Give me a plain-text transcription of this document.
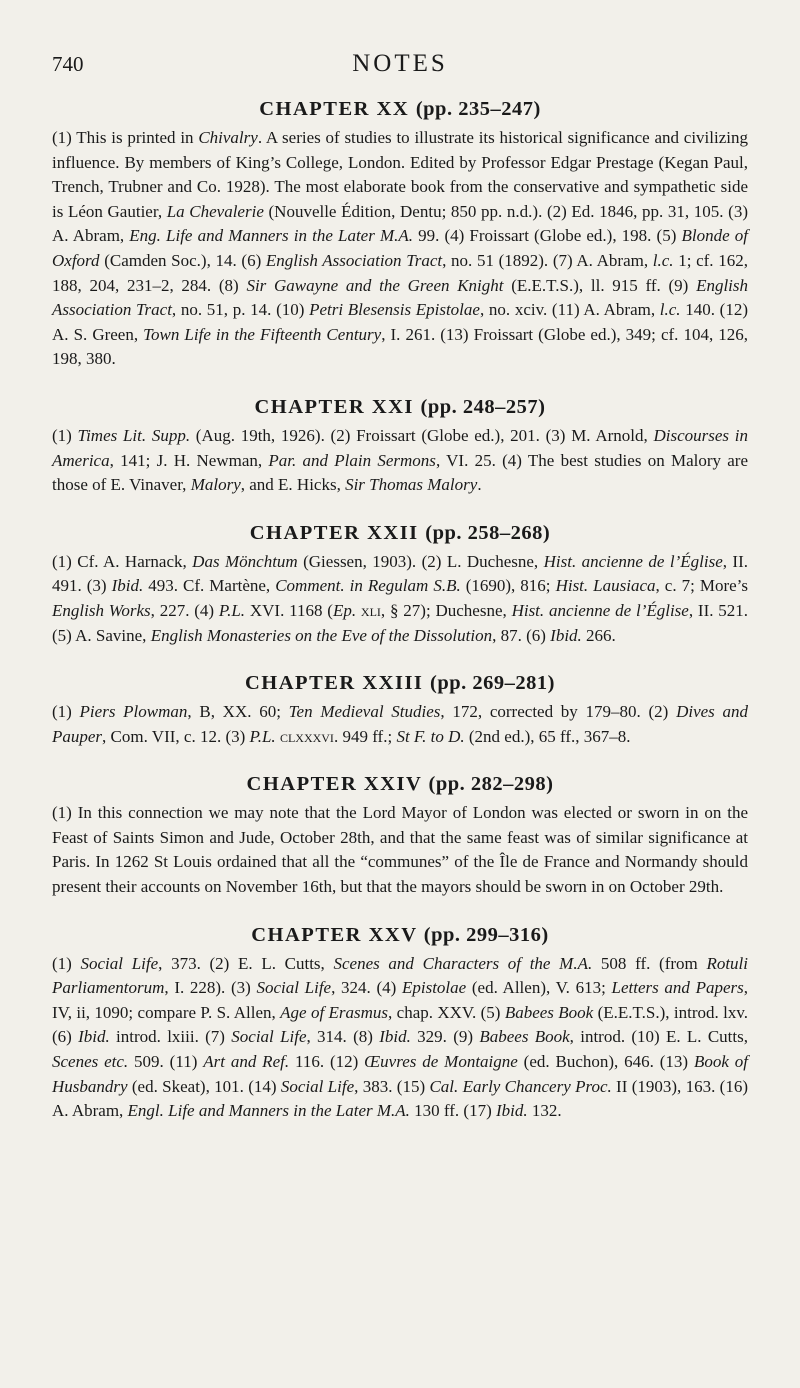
740	NOTES
CHAPTER XX (pp. 235–247)

(1) This is printed in Chivalry. A series of studies to illustrate its historical significance and civilizing influence. By members of King’s College, London. Edited by Professor Edgar Prestage (Kegan Paul, Trench, Trubner and Co. 1928). The most elaborate book from the conservative and sympathetic side is Léon Gautier, La Chevalerie (Nouvelle Édition, Dentu; 850 pp. n.d.). (2) Ed. 1846, pp. 31, 105. (3) A. Abram, Eng. Life and Manners in the Later M.A. 99. (4) Froissart (Globe ed.), 198. (5) Blonde of Oxford (Camden Soc.), 14. (6) English Association Tract, no. 51 (1892). (7) A. Abram, l.c. 1; cf. 162, 188, 204, 231–2, 284. (8) Sir Gawayne and the Green Knight (E.E.T.S.), ll. 915 ff. (9) English Association Tract, no. 51, p. 14. (10) Petri Blesensis Epistolae, no. xciv. (11) A. Abram, l.c. 140. (12) A. S. Green, Town Life in the Fifteenth Century, I. 261. (13) Froissart (Globe ed.), 349; cf. 104, 126, 198, 380.

CHAPTER XXI (pp. 248–257)

(1) Times Lit. Supp. (Aug. 19th, 1926). (2) Froissart (Globe ed.), 201. (3) M. Arnold, Discourses in America, 141; J. H. Newman, Par. and Plain Sermons, VI. 25. (4) The best studies on Malory are those of E. Vinaver, Malory, and E. Hicks, Sir Thomas Malory.

CHAPTER XXII (pp. 258–268)

(1) Cf. A. Harnack, Das Mönchtum (Giessen, 1903). (2) L. Duchesne, Hist. ancienne de l’Église, II. 491. (3) Ibid. 493. Cf. Martène, Comment. in Regulam S.B. (1690), 816; Hist. Lausiaca, c. 7; More’s English Works, 227. (4) P.L. XVI. 1168 (Ep. xli, § 27); Duchesne, Hist. ancienne de l’Église, II. 521. (5) A. Savine, English Monasteries on the Eve of the Dissolution, 87. (6) Ibid. 266.

CHAPTER XXIII (pp. 269–281)

(1) Piers Plowman, B, XX. 60; Ten Medieval Studies, 172, corrected by 179–80. (2) Dives and Pauper, Com. VII, c. 12. (3) P.L. clxxxvi. 949 ff.; St F. to D. (2nd ed.), 65 ff., 367–8.

CHAPTER XXIV (pp. 282–298)

(1) In this connection we may note that the Lord Mayor of London was elected or sworn in on the Feast of Saints Simon and Jude, October 28th, and that the same feast was of similar significance at Paris. In 1262 St Louis ordained that all the “communes” of the Île de France and Normandy should present their accounts on November 16th, but that the mayors should be sworn in on October 29th.

CHAPTER XXV (pp. 299–316)

(1) Social Life, 373. (2) E. L. Cutts, Scenes and Characters of the M.A. 508 ff. (from Rotuli Parliamentorum, I. 228). (3) Social Life, 324. (4) Epistolae (ed. Allen), V. 613; Letters and Papers, IV, ii, 1090; compare P. S. Allen, Age of Erasmus, chap. XXV. (5) Babees Book (E.E.T.S.), introd. lxv. (6) Ibid. introd. lxiii. (7) Social Life, 314. (8) Ibid. 329. (9) Babees Book, introd. (10) E. L. Cutts, Scenes etc. 509. (11) Art and Ref. 116. (12) Œuvres de Montaigne (ed. Buchon), 646. (13) Book of Husbandry (ed. Skeat), 101. (14) Social Life, 383. (15) Cal. Early Chancery Proc. II (1903), 163. (16) A. Abram, Engl. Life and Manners in the Later M.A. 130 ff. (17) Ibid. 132.
